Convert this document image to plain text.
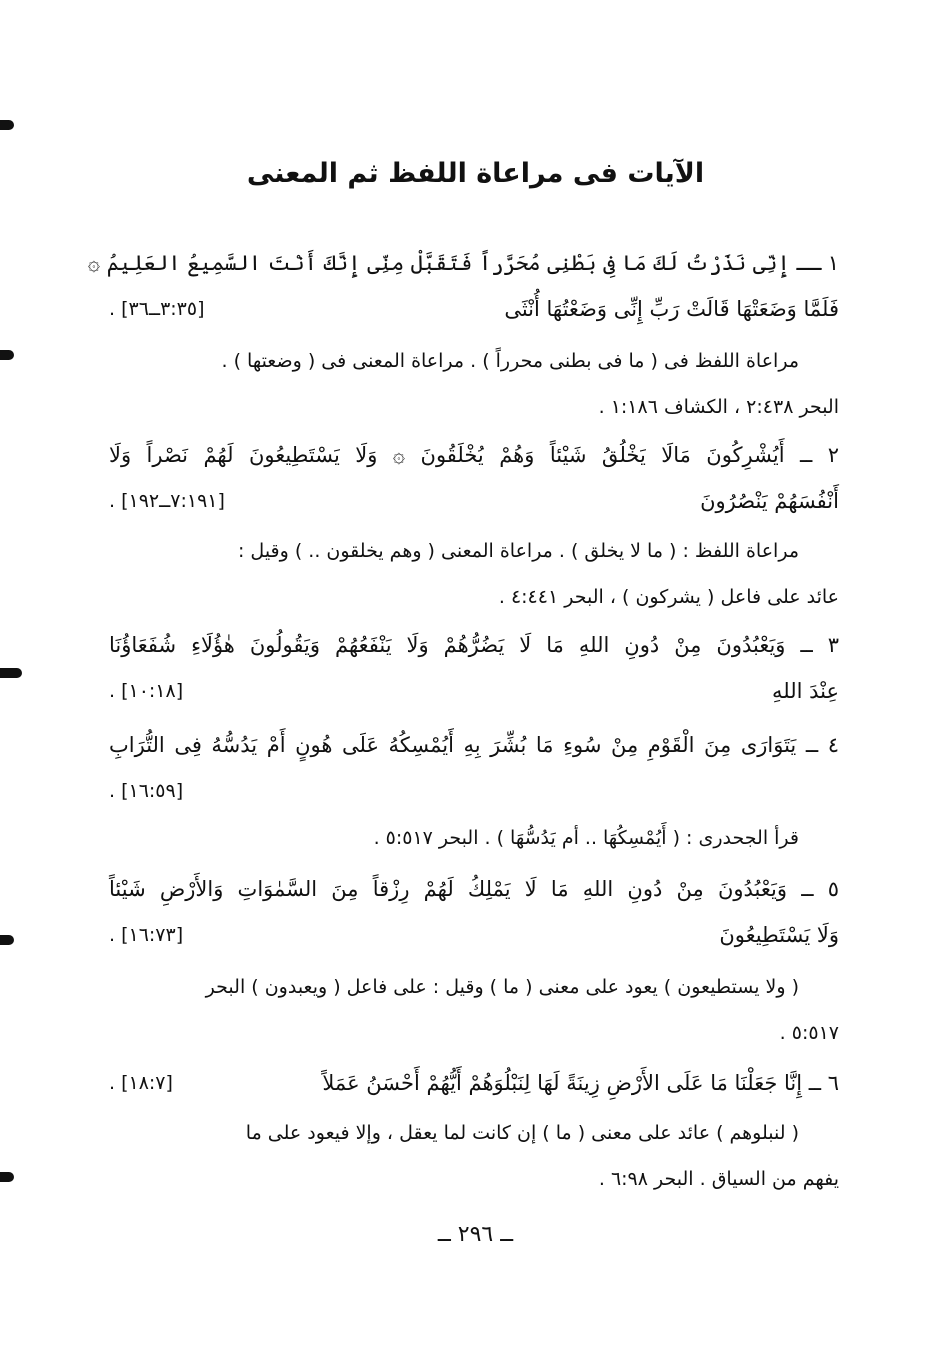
الآيات فى مراعاة اللفظ ثم المعنى
١ ــ إِنِّى نَذَرْتُ لَكَ مَا فِى بَطْنِى مُحَرَّراً فَتَقَبَّلْ مِنِّى إِنَّكَ أَنْتَ السَّمِيعُ العَلِيمُ ۞
فَلَمَّا وَضَعَتْهَا قَالَتْ رَبِّ إِنِّى وَضَعْتُهَا أُنْثَى
[٣:٣٥ــ٣٦] .
مراعاة اللفظ فى ( ما فى بطنى محرراً ) . مراعاة المعنى فى ( وضعتها ) .
البحر ٢:٤٣٨ ، الكشاف ١:١٨٦ .
٢ ــ أَيُشْرِكُونَ مَالَا يَخْلُقُ شَيْئاً وَهُمْ يُخْلَقُونَ ۞ وَلَا يَسْتَطِيعُونَ لَهُمْ نَصْراً وَلَا
أَنْفُسَهُمْ يَنْصُرُونَ
[٧:١٩١ــ١٩٢] .
مراعاة اللفظ : ( ما لا يخلق ) . مراعاة المعنى ( وهم يخلقون .. ) وقيل :
عائد على فاعل ( يشركون ) ، البحر ٤:٤٤١ .
٣ ــ وَيَعْبُدُونَ مِنْ دُونِ اللهِ مَا لَا يَضُرُّهُمْ وَلَا يَنْفَعُهُمْ وَيَقُولُونَ هٰؤُلَاءِ شُفَعَاؤُنَا
عِنْدَ اللهِ
[١٠:١٨] .
٤ ــ يَتَوَارَى مِنَ الْقَوْمِ مِنْ سُوءِ مَا بُشِّرَ بِهِ أَيُمْسِكُهُ عَلَى هُونٍ أَمْ يَدُسُّهُ فِى التُّرَابِ
[١٦:٥٩] .
قرأ الجحدرى : ( أَيُمْسِكُهَا .. أم يَدُسُّهَا ) . البحر ٥:٥١٧ .
٥ ــ وَيَعْبُدُونَ مِنْ دُونِ اللهِ مَا لَا يَمْلِكُ لَهُمْ رِزْقاً مِنَ السَّمٰوَاتِ وَالأَرْضِ شَيْئاً
وَلَا يَسْتَطِيعُونَ
[١٦:٧٣] .
( ولا يستطيعون ) يعود على معنى ( ما ) وقيل : على فاعل ( ويعبدون ) البحر
٥:٥١٧ .
٦ ــ إِنَّا جَعَلْنَا مَا عَلَى الأَرْضِ زِينَةً لَهَا لِنَبْلُوَهُمْ أَيُّهُمْ أَحْسَنُ عَمَلاً
[١٨:٧] .
( لنبلوهم ) عائد على معنى ( ما ) إن كانت لما يعقل ، وإلا فيعود على ما
يفهم من السياق . البحر ٦:٩٨ .
ــ ٢٩٦ ــ
